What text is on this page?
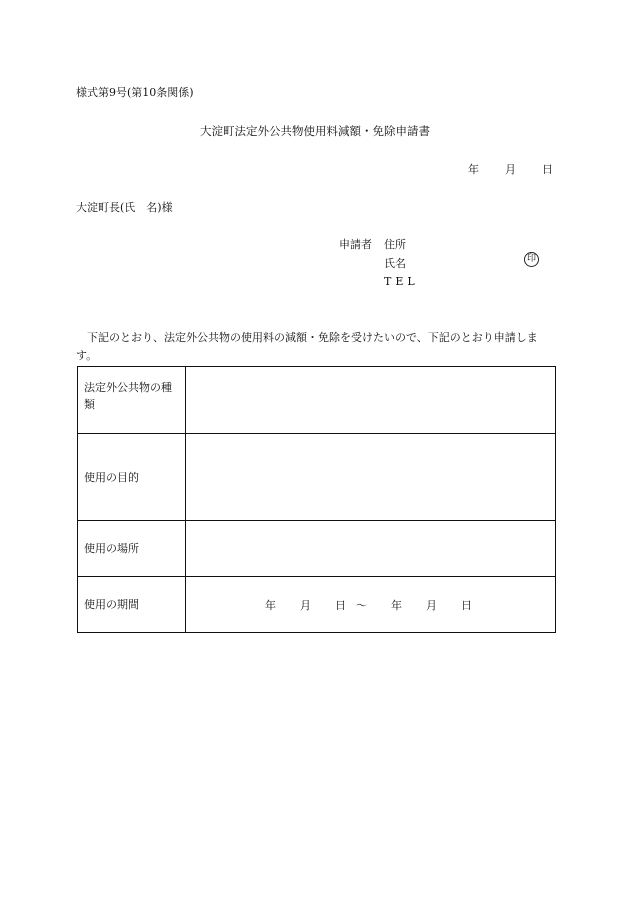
様式第9号(第10条関係)
大淀町法定外公共物使用料減額・免除申請書
年 月 日
大淀町長(氏　名)様
申請者 住所
氏名	印
TEL
下記のとおり、法定外公共物の使用料の減額・免除を受けたいので、下記のとおり申請します。
法定外公共物の種類	
使用の目的	
使用の場所	
使用の期間	年 月 日 〜 年 月 日
